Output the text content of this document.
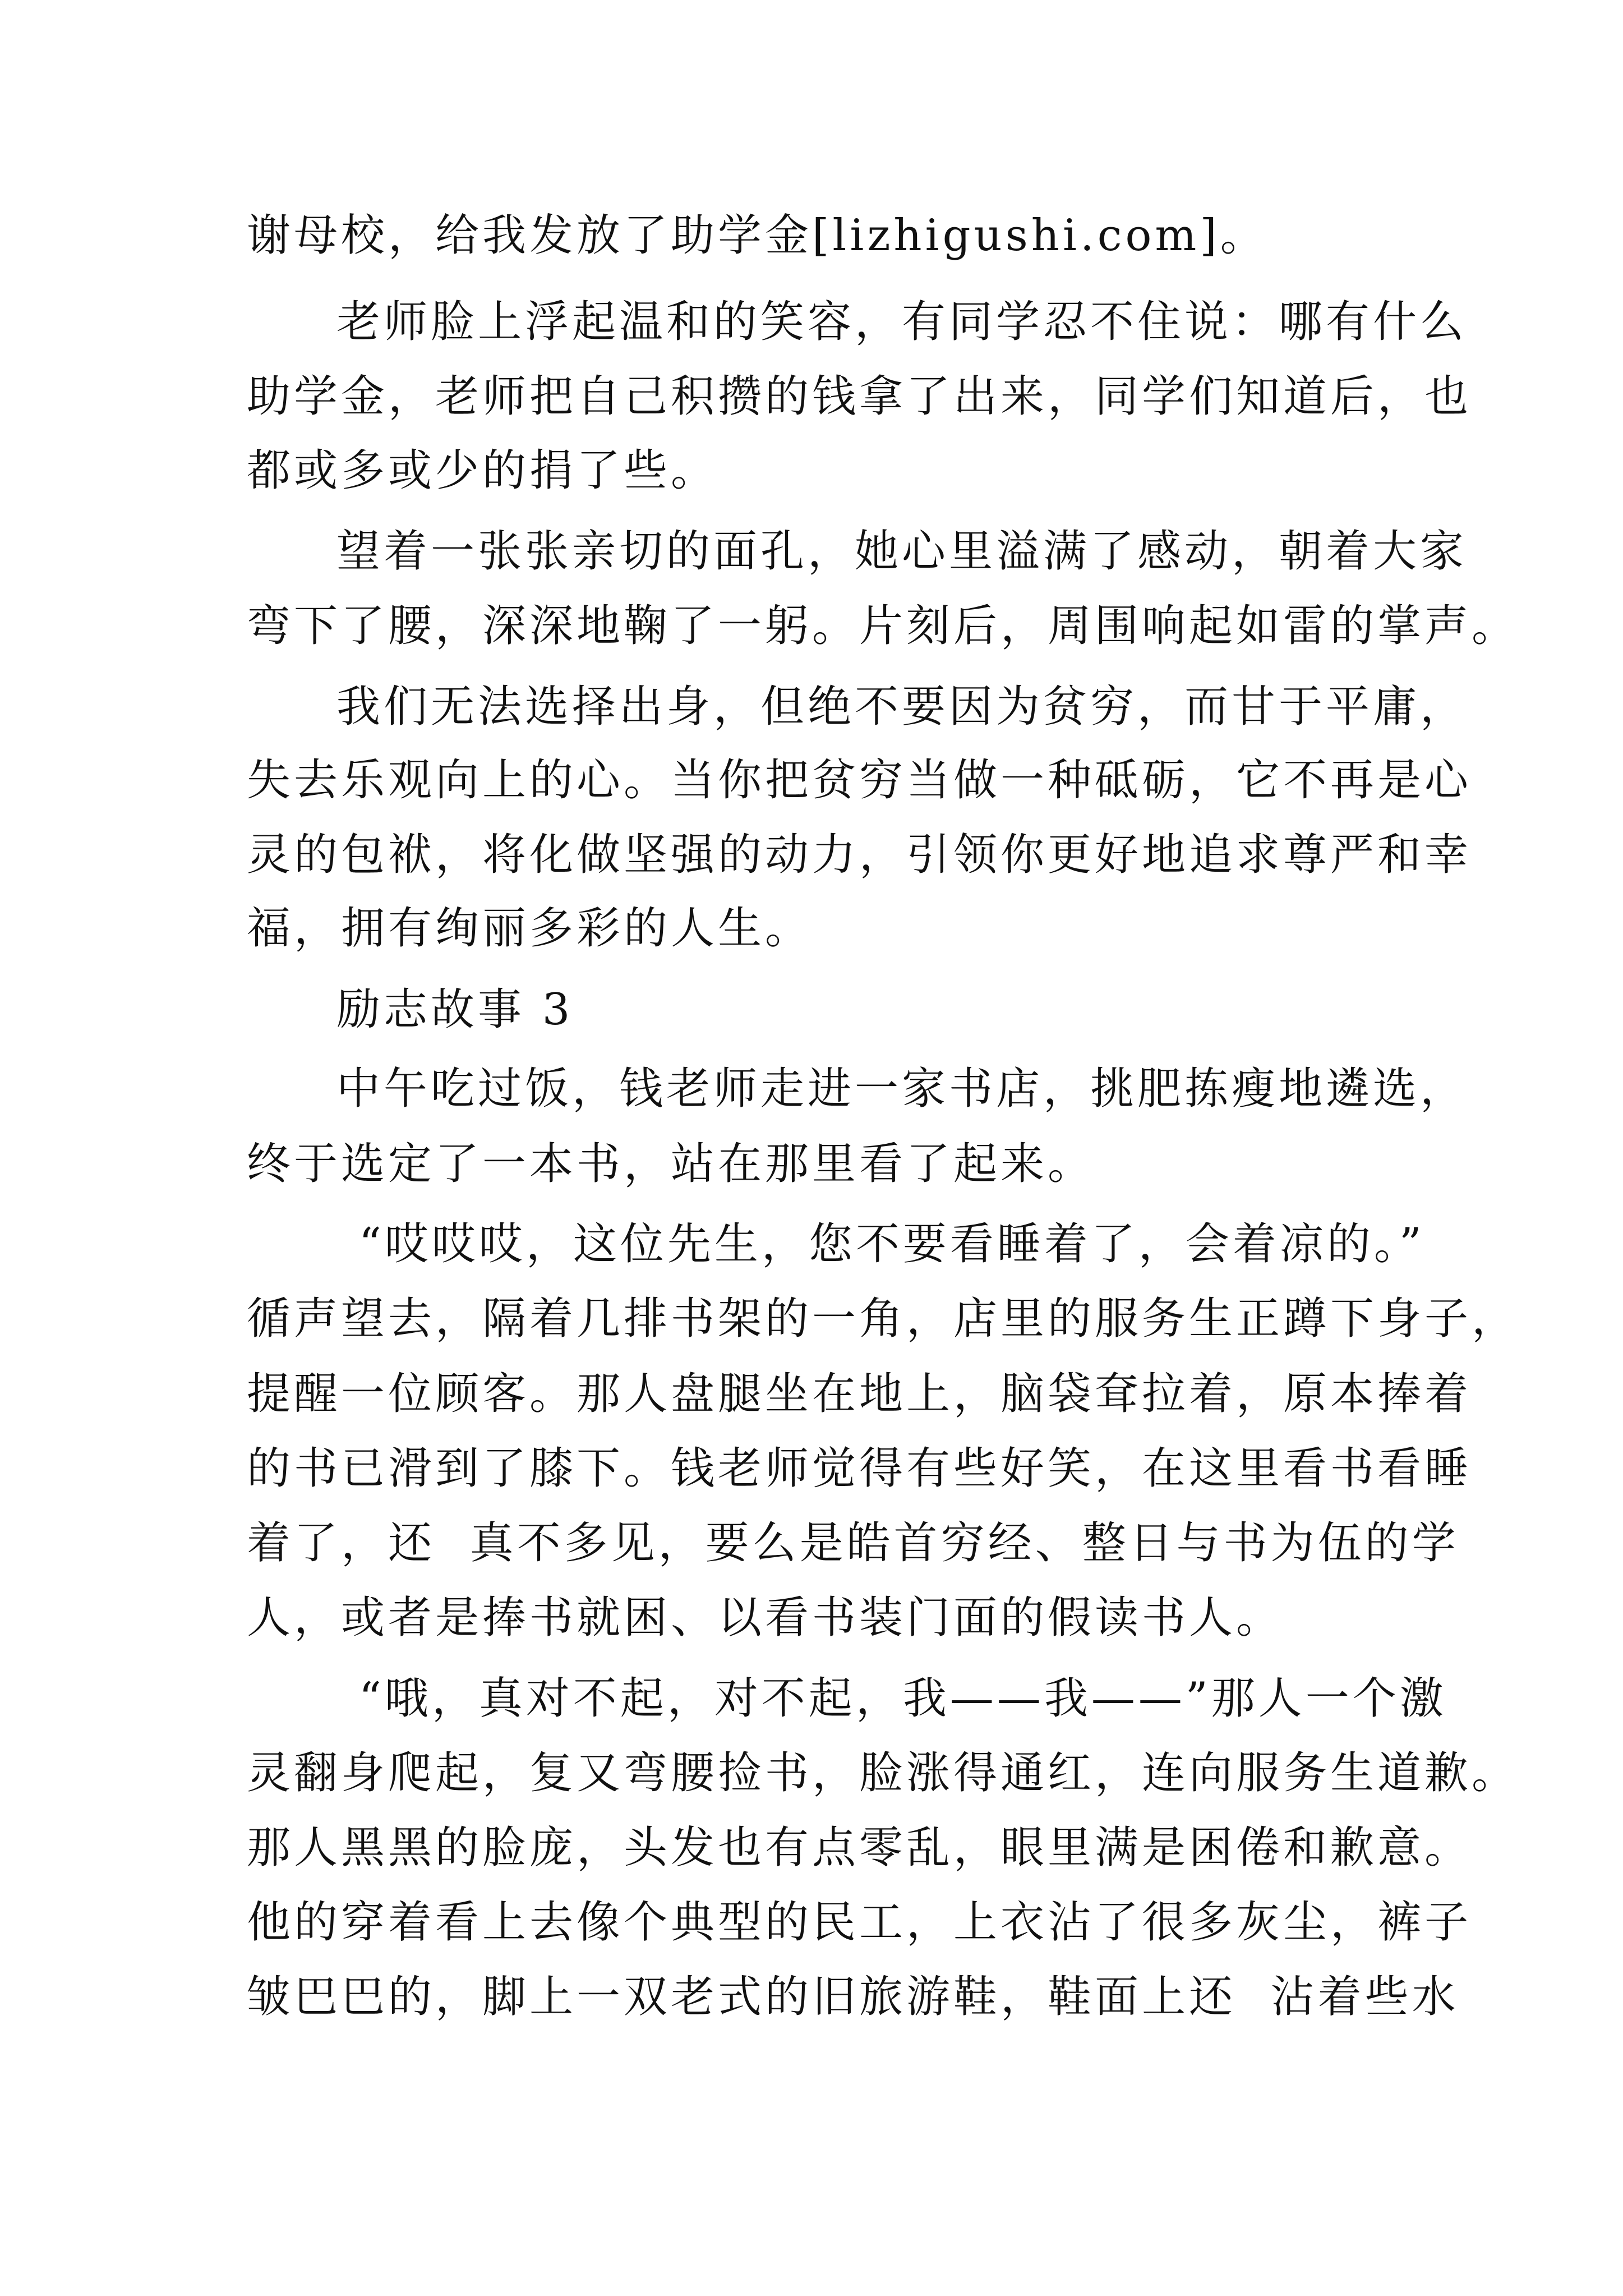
谢母校，给我发放了助学金[lizhigushi.com]。

老师脸上浮起温和的笑容，有同学忍不住说：哪有什么

助学金，老师把自己积攒的钱拿了出来，同学们知道后，也

都或多或少的捐了些。

望着一张张亲切的面孔，她心里溢满了感动，朝着大家

弯下了腰，深深地鞠了一躬。片刻后，周围响起如雷的掌声。

我们无法选择出身，但绝不要因为贫穷，而甘于平庸，

失去乐观向上的心。当你把贫穷当做一种砥砺，它不再是心

灵的包袱，将化做坚强的动力，引领你更好地追求尊严和幸

福，拥有绚丽多彩的人生。

励志故事 3

中午吃过饭，钱老师走进一家书店，挑肥拣瘦地遴选，

终于选定了一本书，站在那里看了起来。

“哎哎哎，这位先生，您不要看睡着了，会着凉的。”

循声望去，隔着几排书架的一角，店里的服务生正蹲下身子，

提醒一位顾客。那人盘腿坐在地上，脑袋耷拉着，原本捧着

的书已滑到了膝下。钱老师觉得有些好笑，在这里看书看睡

着了，还  真不多见，要么是皓首穷经、整日与书为伍的学

人，或者是捧书就困、以看书装门面的假读书人。

“哦，真对不起，对不起，我——我——”那人一个激

灵翻身爬起，复又弯腰捡书，脸涨得通红，连向服务生道歉。

那人黑黑的脸庞，头发也有点零乱，眼里满是困倦和歉意。

他的穿着看上去像个典型的民工，上衣沾了很多灰尘，裤子

皱巴巴的，脚上一双老式的旧旅游鞋，鞋面上还  沾着些水
